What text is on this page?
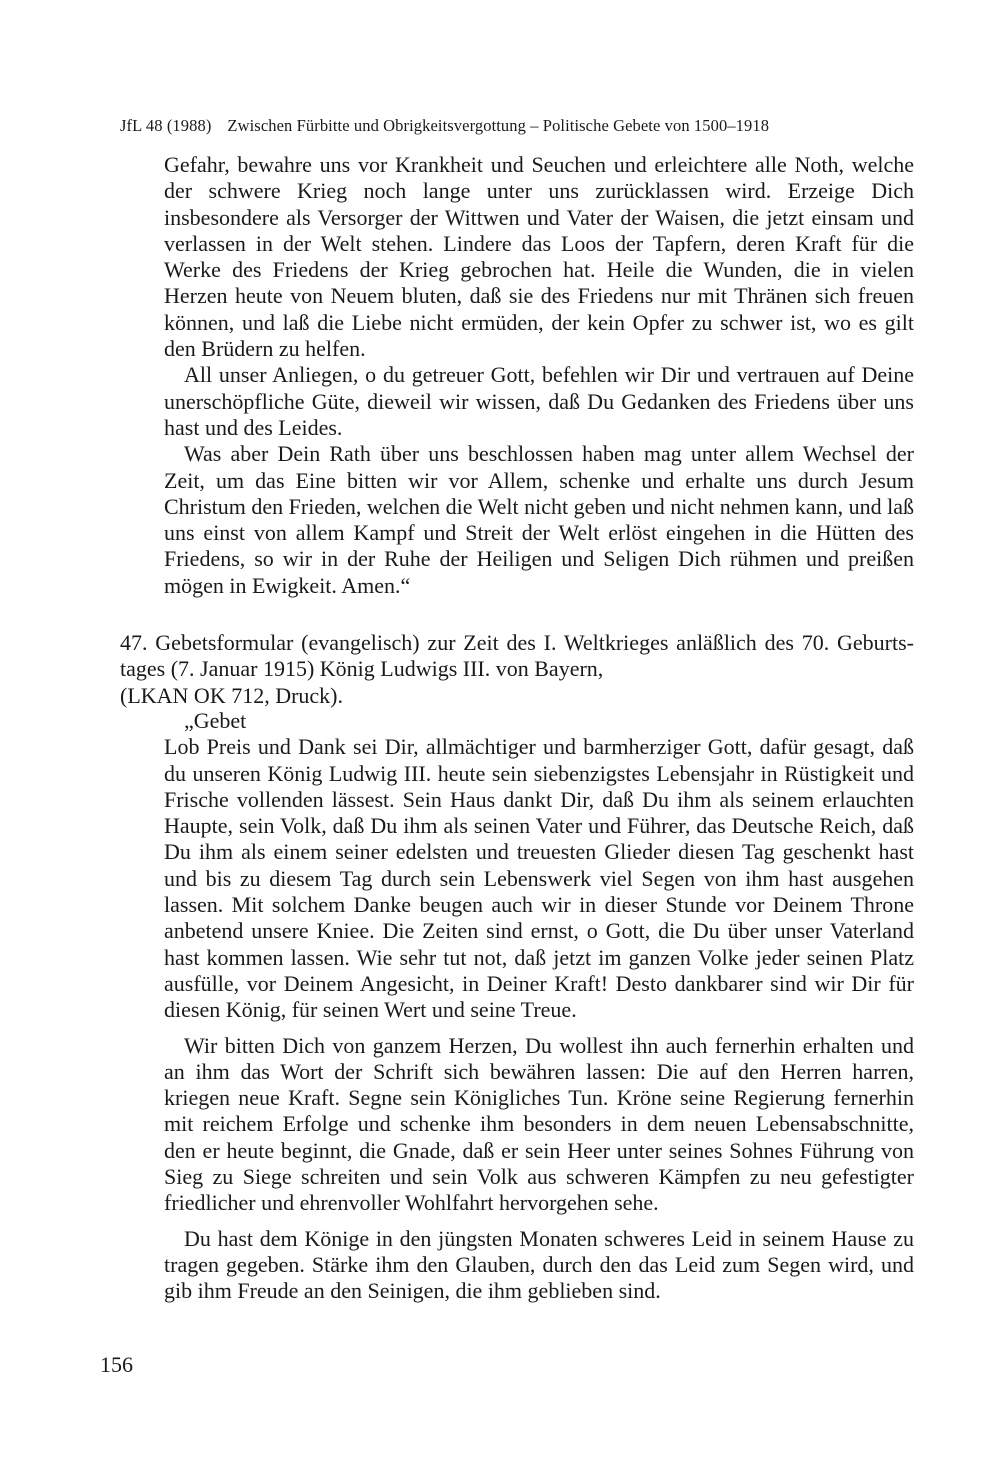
JfL 48 (1988) Zwischen Fürbitte und Obrigkeitsvergottung – Politische Gebete von 1500–1918

Gefahr, bewahre uns vor Krankheit und Seuchen und erleichtere alle Noth, welche der schwere Krieg noch lange unter uns zurücklassen wird. Erzeige Dich insbesondere als Versorger der Wittwen und Vater der Waisen, die jetzt einsam und verlassen in der Welt stehen. Lindere das Loos der Tapfern, deren Kraft für die Werke des Friedens der Krieg gebrochen hat. Heile die Wunden, die in vielen Herzen heute von Neuem bluten, daß sie des Friedens nur mit Thränen sich freuen können, und laß die Liebe nicht ermüden, der kein Opfer zu schwer ist, wo es gilt den Brüdern zu helfen.

All unser Anliegen, o du getreuer Gott, befehlen wir Dir und vertrauen auf Deine unerschöpfliche Güte, dieweil wir wissen, daß Du Gedanken des Friedens über uns hast und des Leides.

Was aber Dein Rath über uns beschlossen haben mag unter allem Wechsel der Zeit, um das Eine bitten wir vor Allem, schenke und erhalte uns durch Jesum Christum den Frieden, welchen die Welt nicht geben und nicht nehmen kann, und laß uns einst von allem Kampf und Streit der Welt erlöst eingehen in die Hütten des Friedens, so wir in der Ruhe der Heiligen und Seligen Dich rühmen und preißen mögen in Ewigkeit. Amen.“

47. Gebetsformular (evangelisch) zur Zeit des I. Weltkrieges anläßlich des 70. Geburts-
tages (7. Januar 1915) König Ludwigs III. von Bayern,
(LKAN OK 712, Druck).

„Gebet

Lob Preis und Dank sei Dir, allmächtiger und barmherziger Gott, dafür gesagt, daß du unseren König Ludwig III. heute sein siebenzigstes Lebensjahr in Rüstigkeit und Frische vollenden lässest. Sein Haus dankt Dir, daß Du ihm als seinem erlauchten Haupte, sein Volk, daß Du ihm als seinen Vater und Führer, das Deutsche Reich, daß Du ihm als einem seiner edelsten und treuesten Glieder diesen Tag geschenkt hast und bis zu diesem Tag durch sein Lebenswerk viel Segen von ihm hast ausgehen lassen. Mit solchem Danke beugen auch wir in dieser Stunde vor Deinem Throne anbetend unsere Kniee. Die Zeiten sind ernst, o Gott, die Du über unser Vaterland hast kommen lassen. Wie sehr tut not, daß jetzt im ganzen Volke jeder seinen Platz ausfülle, vor Deinem Angesicht, in Deiner Kraft! Desto dankbarer sind wir Dir für diesen König, für seinen Wert und seine Treue.

Wir bitten Dich von ganzem Herzen, Du wollest ihn auch fernerhin erhalten und an ihm das Wort der Schrift sich bewähren lassen: Die auf den Herren harren, kriegen neue Kraft. Segne sein Königliches Tun. Kröne seine Regierung fernerhin mit reichem Erfolge und schenke ihm besonders in dem neuen Lebensabschnitte, den er heute beginnt, die Gnade, daß er sein Heer unter seines Sohnes Führung von Sieg zu Siege schreiten und sein Volk aus schweren Kämpfen zu neu gefestigter friedlicher und ehrenvoller Wohlfahrt hervorgehen sehe.

Du hast dem Könige in den jüngsten Monaten schweres Leid in seinem Hause zu tragen gegeben. Stärke ihm den Glauben, durch den das Leid zum Segen wird, und gib ihm Freude an den Seinigen, die ihm geblieben sind.

156
